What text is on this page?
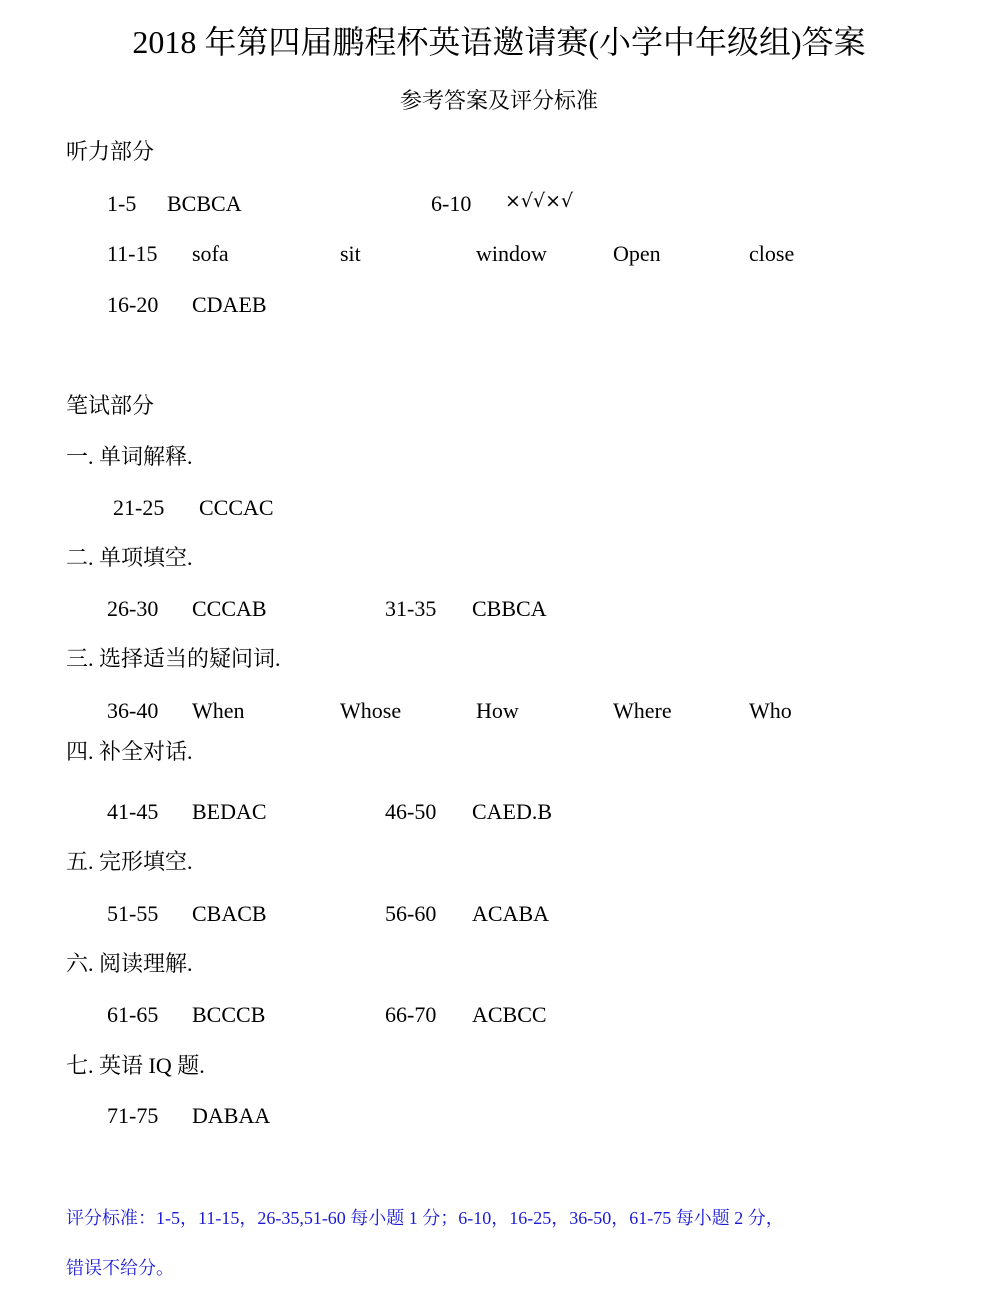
2018 年第四届鹏程杯英语邀请赛(小学中年级组)答案
参考答案及评分标准
听力部分
1-5 BCBCA	6-10 ×√√×√
11-15 sofa	sit	window	Open	close
16-20 CDAEB
笔试部分
一. 单词解释.
21-25 CCCAC
二. 单项填空.
26-30 CCCAB	31-35 CBBCA
三. 选择适当的疑问词.
36-40 When	Whose	How	Where	Who
四. 补全对话.
41-45 BEDAC	46-50 CAED.B
五. 完形填空.
51-55 CBACB	56-60 ACABA
六. 阅读理解.
61-65 BCCCB	66-70 ACBCC
七. 英语 IQ 题.
71-75 DABAA
评分标准：1-5，11-15，26-35,51-60 每小题 1 分；6-10，16-25，36-50，61-75 每小题 2 分，
错误不给分。
